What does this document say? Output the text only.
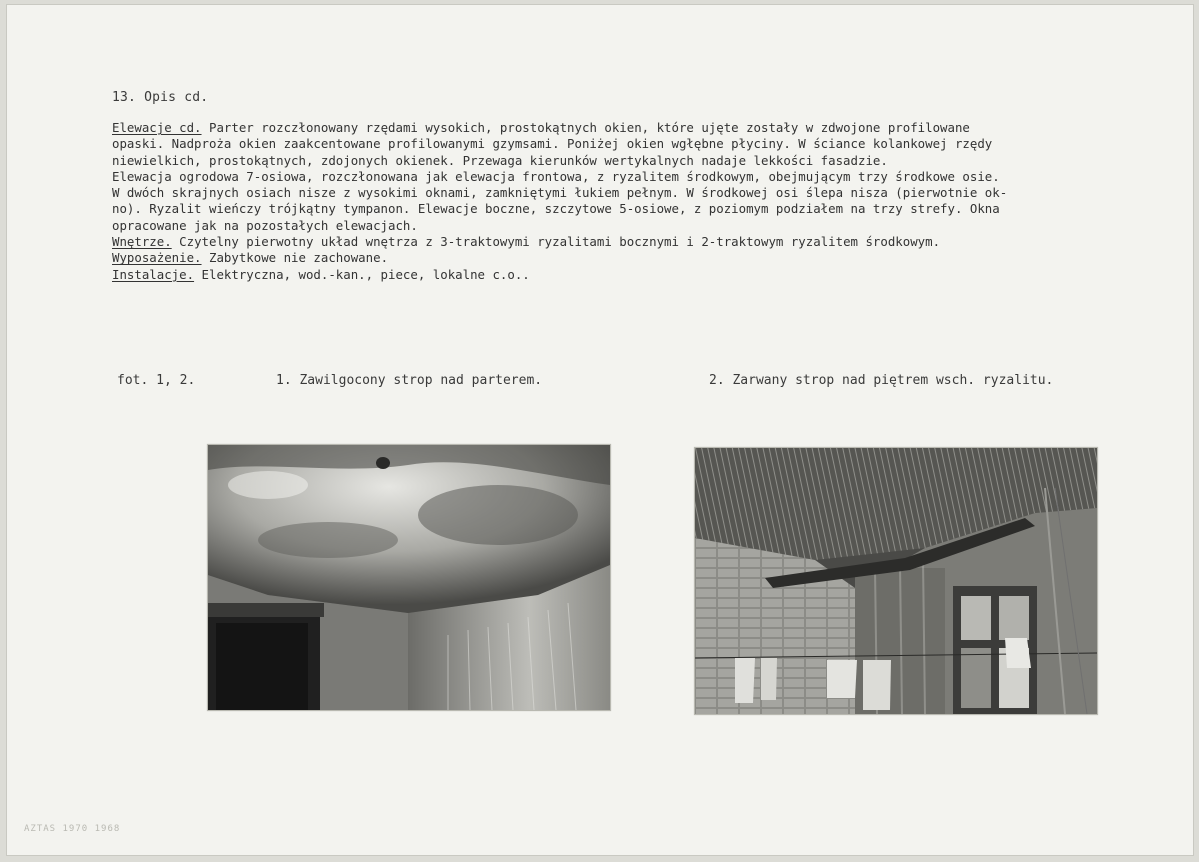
13. Opis cd.

Elewacje cd. Parter rozczłonowany rzędami wysokich, prostokątnych okien, które ujęte zostały w zdwojone profilowane

opaski. Nadproża okien zaakcentowane profilowanymi gzymsami. Poniżej okien wgłębne płyciny. W ściance kolankowej rzędy

niewielkich, prostokątnych, zdojonych okienek. Przewaga kierunków wertykalnych nadaje lekkości fasadzie.

Elewacja ogrodowa 7-osiowa, rozczłonowana jak elewacja frontowa, z ryzalitem środkowym, obejmującym trzy środkowe osie.

W dwóch skrajnych osiach nisze z wysokimi oknami, zamkniętymi łukiem pełnym. W środkowej osi ślepa nisza (pierwotnie ok-

no). Ryzalit wieńczy trójkątny tympanon. Elewacje boczne, szczytowe 5-osiowe, z poziomym podziałem na trzy strefy. Okna

opracowane jak na pozostałych elewacjach.

Wnętrze. Czytelny pierwotny układ wnętrza z 3-traktowymi ryzalitami bocznymi i 2-traktowym ryzalitem środkowym.

Wyposażenie. Zabytkowe nie zachowane.

Instalacje. Elektryczna, wod.-kan., piece, lokalne c.o..

fot. 1, 2.	1. Zawilgocony strop nad parterem.	2. Zarwany strop nad piętrem wsch. ryzalitu.
AZTAS 1970 1968
